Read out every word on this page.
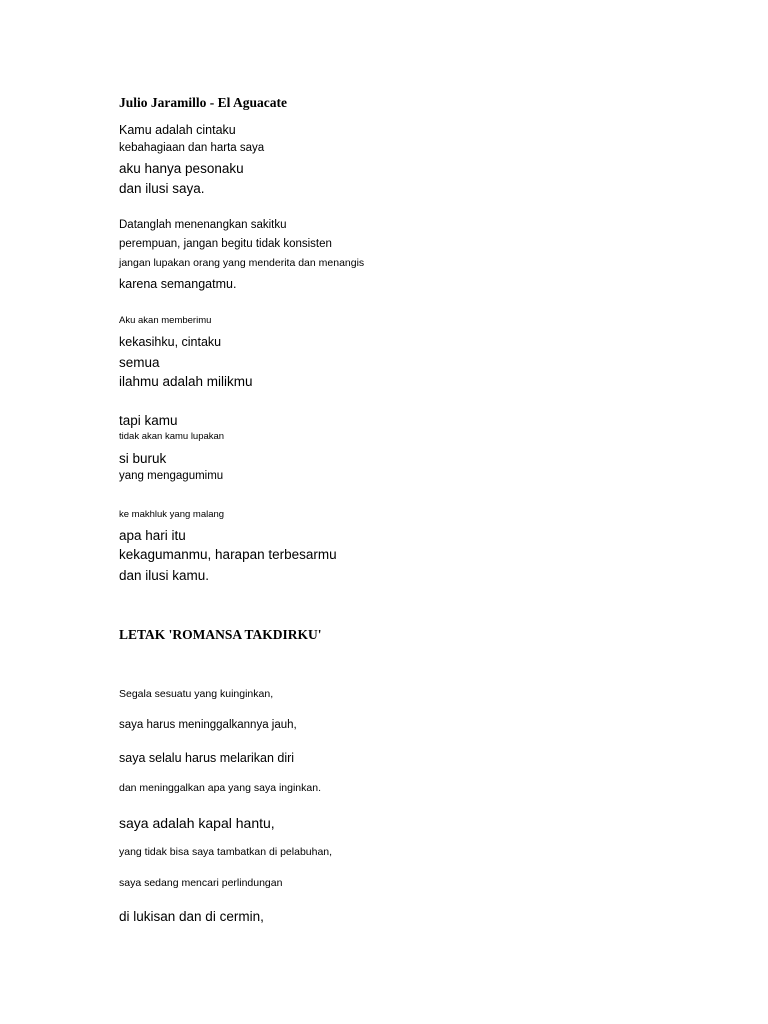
Julio Jaramillo - El Aguacate
Kamu adalah cintaku
kebahagiaan dan harta saya
aku hanya pesonaku
dan ilusi saya.
Datanglah menenangkan sakitku
perempuan, jangan begitu tidak konsisten
jangan lupakan orang yang menderita dan menangis
karena semangatmu.
Aku akan memberimu
kekasihku, cintaku
semua
ilahmu adalah milikmu
tapi kamu
tidak akan kamu lupakan
si buruk
yang mengagumimu
ke makhluk yang malang
apa hari itu
kekagumanmu, harapan terbesarmu
dan ilusi kamu.
LETAK 'ROMANSA TAKDIRKU'
Segala sesuatu yang kuinginkan,
saya harus meninggalkannya jauh,
saya selalu harus melarikan diri
dan meninggalkan apa yang saya inginkan.
saya adalah kapal hantu,
yang tidak bisa saya tambatkan di pelabuhan,
saya sedang mencari perlindungan
di lukisan dan di cermin,
